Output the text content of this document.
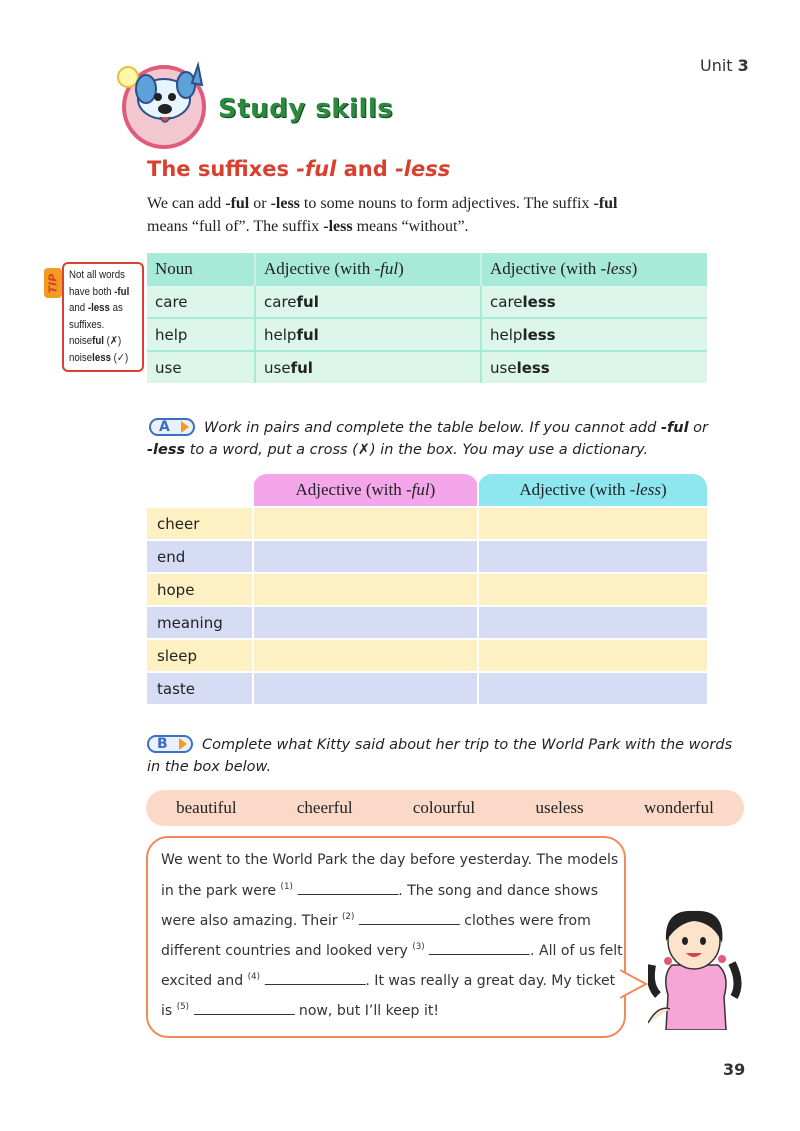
Unit 3
Study skills
The suffixes -ful and -less
We can add -ful or -less to some nouns to form adjectives. The suffix -ful
means “full of”. The suffix -less means “without”.
TIP Not all words
have both -ful
and -less as
suffixes.
noiseful (✗)
noiseless (✓)
Noun	Adjective (with -ful)	Adjective (with -less)
care	careful	careless
help	helpful	helpless
use	useful	useless
A Work in pairs and complete the table below. If you cannot add -ful or
-less to a word, put a cross (✗) in the box. You may use a dictionary.
	Adjective (with -ful)	Adjective (with -less)
cheer		
end		
hope		
meaning		
sleep		
taste		
B Complete what Kitty said about her trip to the World Park with the words
in the box below.
beautiful	cheerful	colourful	useless	wonderful
We went to the World Park the day before yesterday. The models
in the park were $^{(1)}$	. The song and dance shows
were also amazing. Their $^{(2)}$	clothes were from
different countries and looked very $^{(3)}$	. All of us felt
excited and $^{(4)}$	. It was really a great day. My ticket
is $^{(5)}$	now, but I’ll keep it!
39
